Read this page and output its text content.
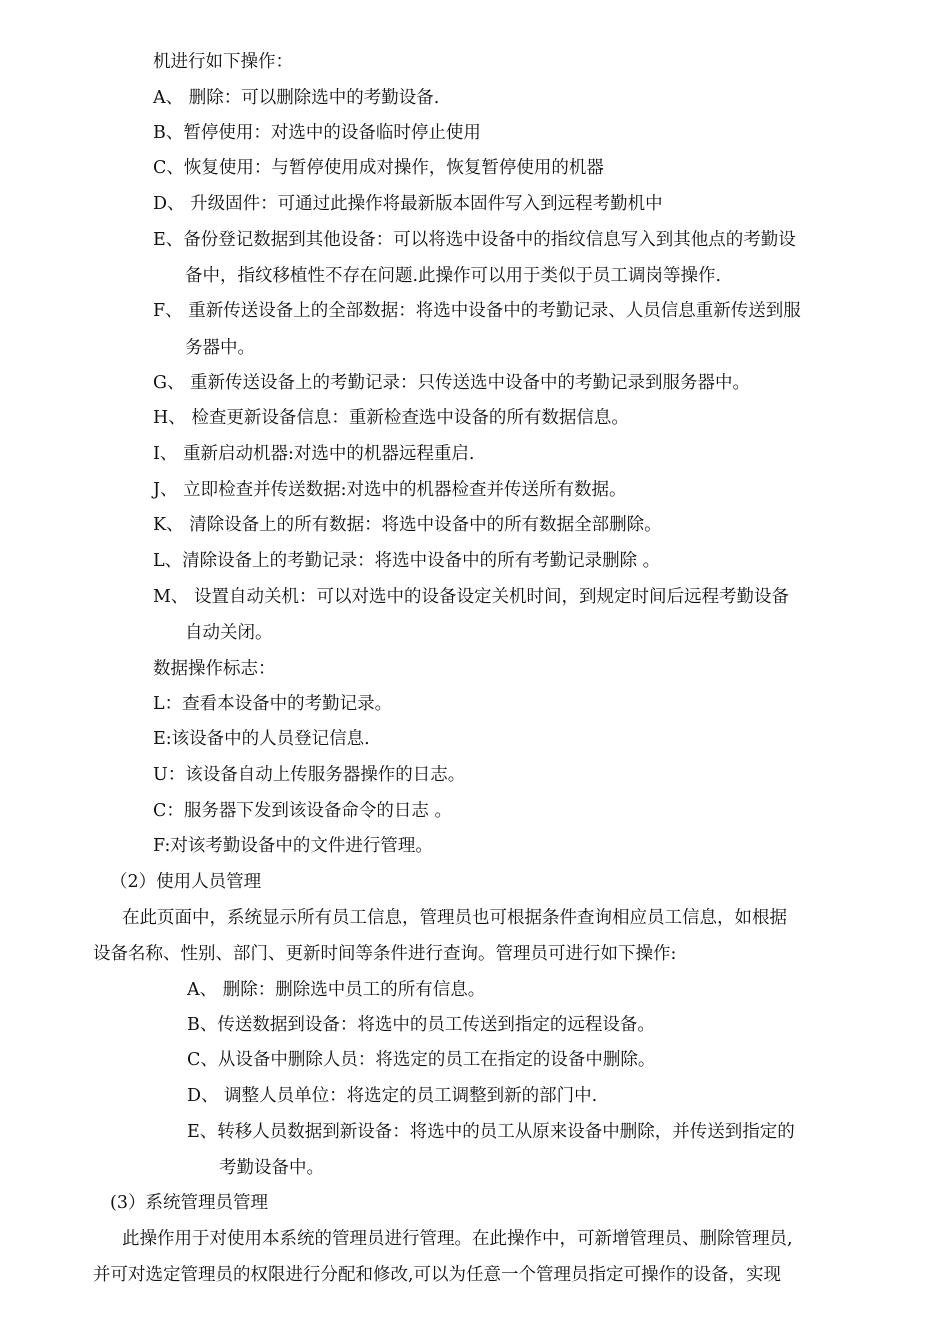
机进行如下操作：
A、 删除：可以删除选中的考勤设备.
B、暂停使用：对选中的设备临时停止使用
C、恢复使用：与暂停使用成对操作，恢复暂停使用的机器
D、 升级固件：可通过此操作将最新版本固件写入到远程考勤机中
E、备份登记数据到其他设备：可以将选中设备中的指纹信息写入到其他点的考勤设
备中，指纹移植性不存在问题.此操作可以用于类似于员工调岗等操作.
F、 重新传送设备上的全部数据：将选中设备中的考勤记录、人员信息重新传送到服
务器中。
G、 重新传送设备上的考勤记录：只传送选中设备中的考勤记录到服务器中。
H、 检查更新设备信息：重新检查选中设备的所有数据信息。
I、 重新启动机器:对选中的机器远程重启.
J、 立即检查并传送数据:对选中的机器检查并传送所有数据。
K、 清除设备上的所有数据：将选中设备中的所有数据全部删除。
L、清除设备上的考勤记录：将选中设备中的所有考勤记录删除 。
M、 设置自动关机：可以对选中的设备设定关机时间，到规定时间后远程考勤设备
自动关闭。
数据操作标志：
L：查看本设备中的考勤记录。
E:该设备中的人员登记信息.
U：该设备自动上传服务器操作的日志。
C：服务器下发到该设备命令的日志 。
F:对该考勤设备中的文件进行管理。
（2）使用人员管理
在此页面中，系统显示所有员工信息，管理员也可根据条件查询相应员工信息，如根据
设备名称、性别、部门、更新时间等条件进行查询。管理员可进行如下操作:
A、 删除：删除选中员工的所有信息。
B、传送数据到设备：将选中的员工传送到指定的远程设备。
C、从设备中删除人员：将选定的员工在指定的设备中删除。
D、 调整人员单位：将选定的员工调整到新的部门中.
E、转移人员数据到新设备：将选中的员工从原来设备中删除，并传送到指定的
考勤设备中。
(3）系统管理员管理
此操作用于对使用本系统的管理员进行管理。在此操作中，可新增管理员、删除管理员,
并可对选定管理员的权限进行分配和修改,可以为任意一个管理员指定可操作的设备，实现
